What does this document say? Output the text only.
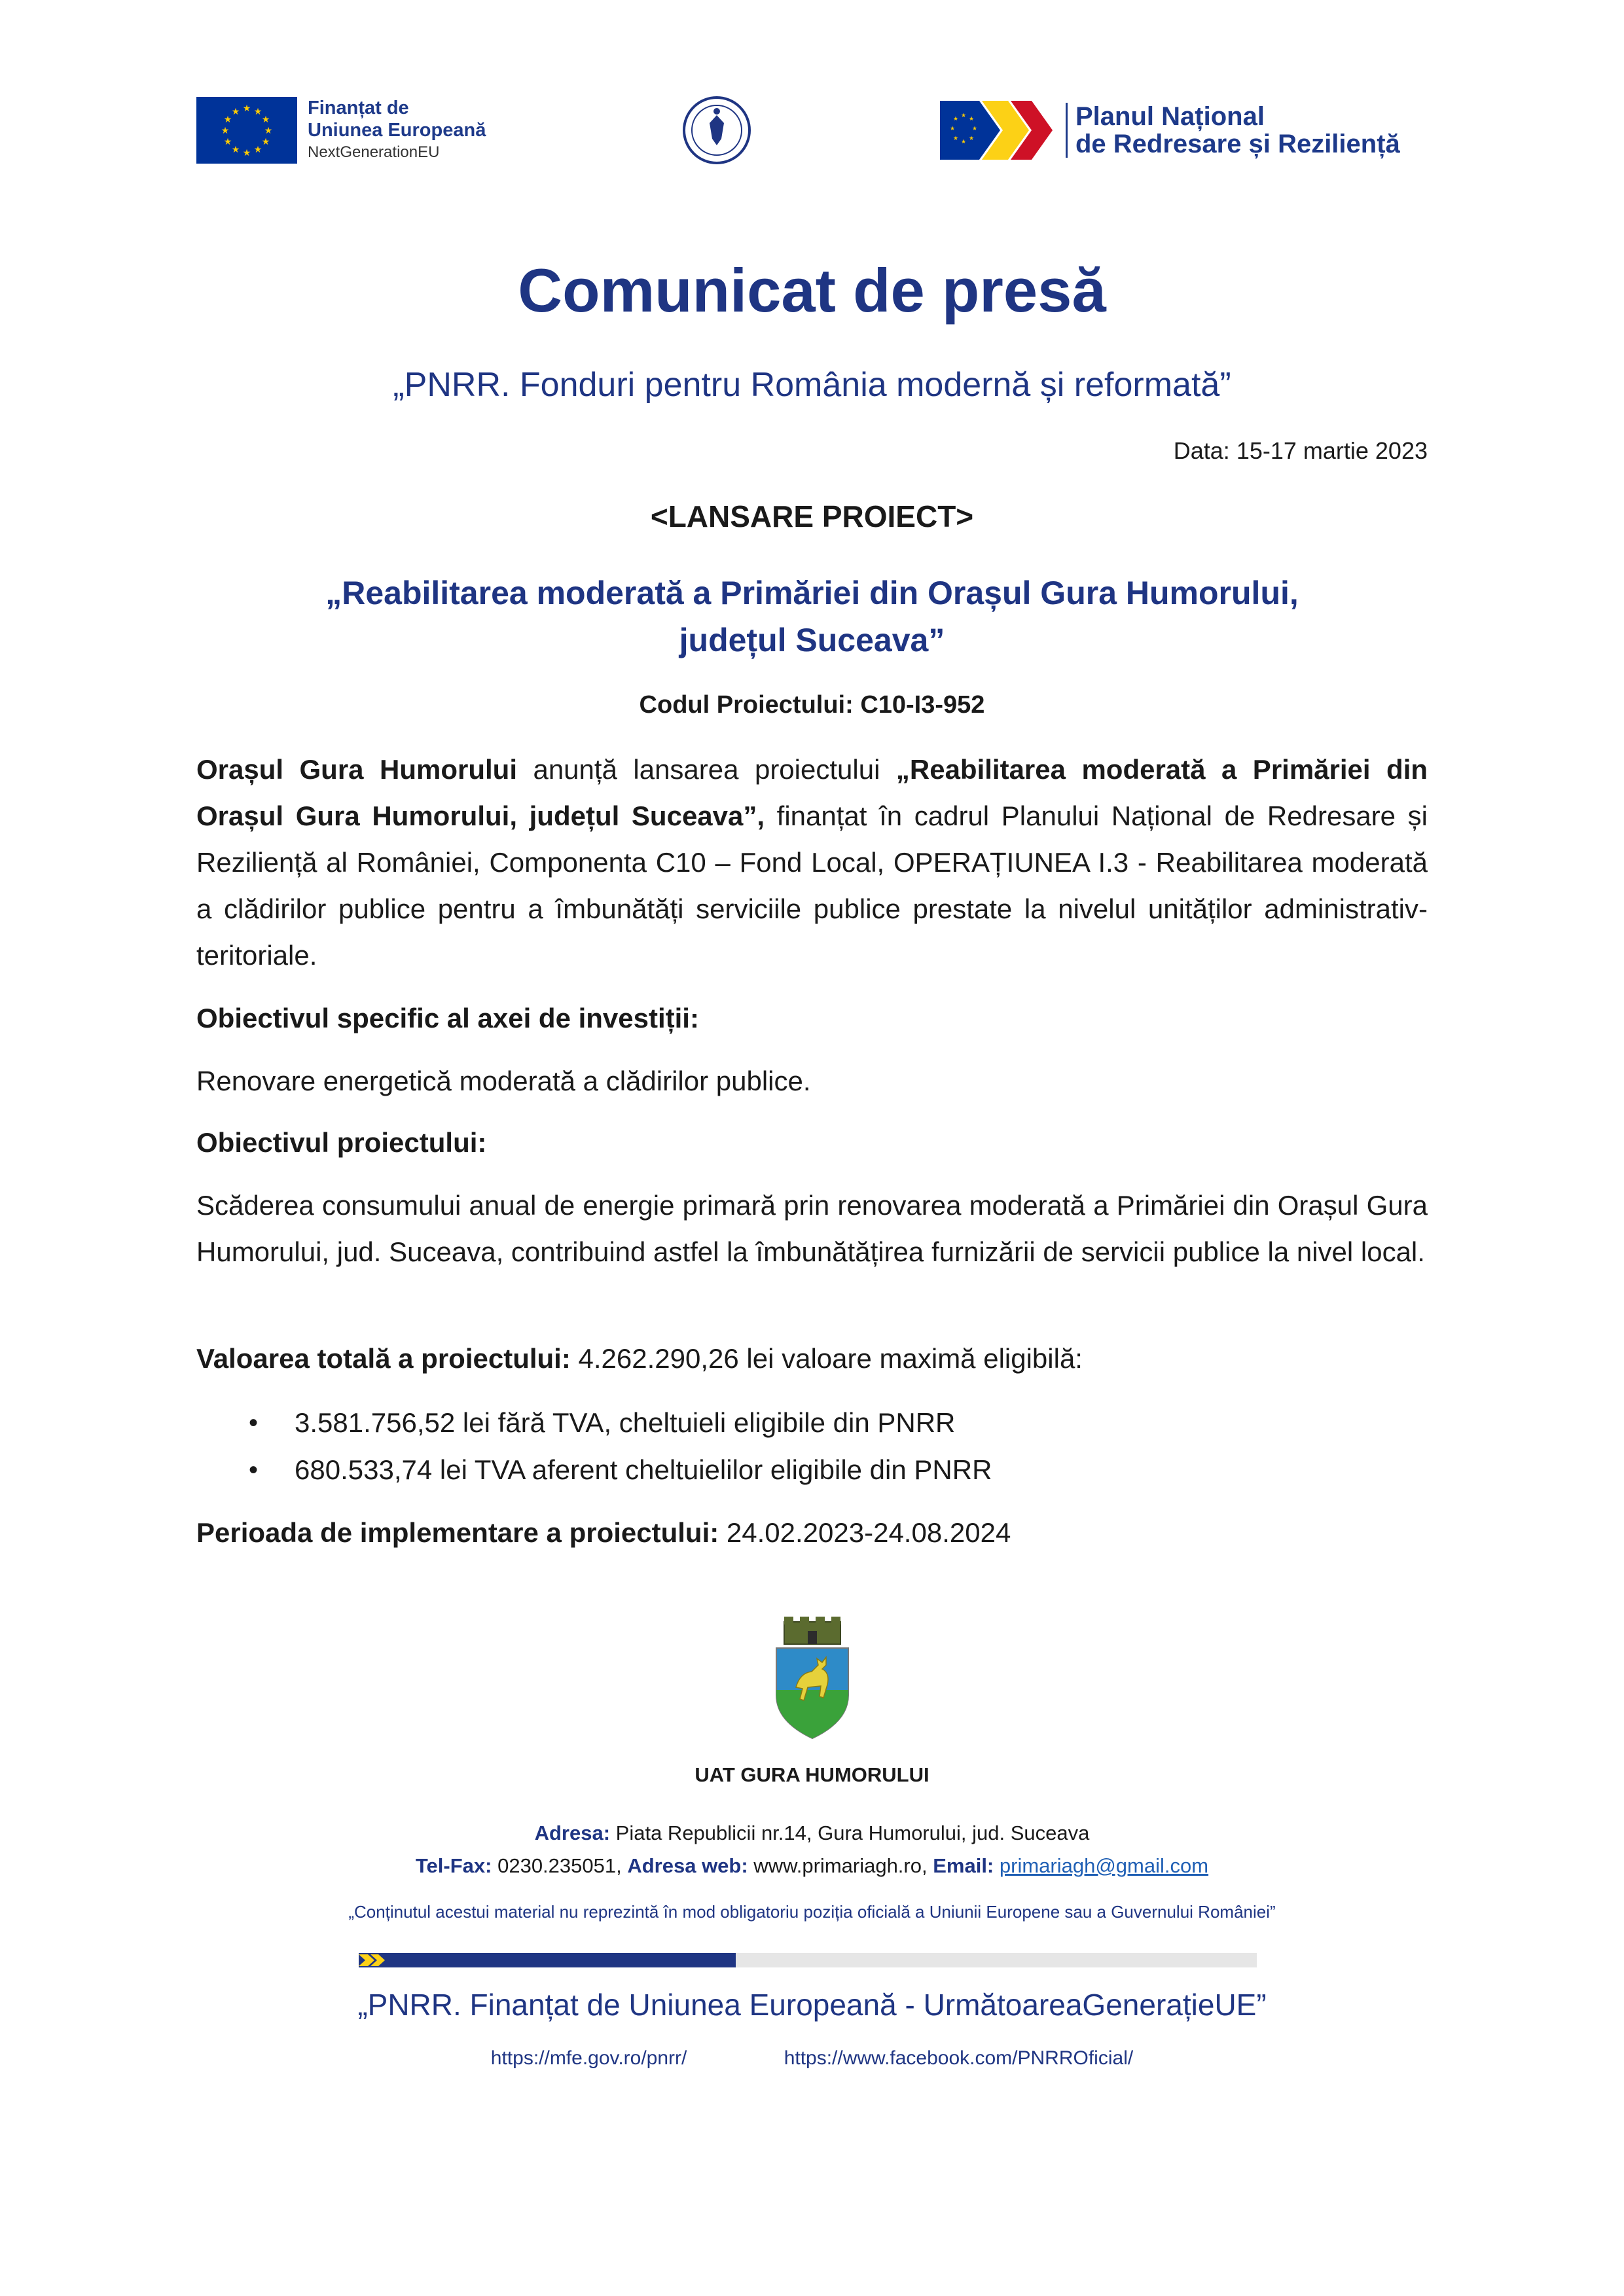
★ ★
★
★
★
★
★
★
★
★
★
★	Finanțat de
Uniunea Europeană
NextGenerationEU
★ ★
★
★
★
★
★
★	Planul Național
de Redresare și Reziliență
Comunicat de presă
„PNRR. Fonduri pentru România modernă și reformată”
Data: 15-17 martie 2023
<LANSARE PROIECT>
„Reabilitarea moderată a Primăriei din Orașul Gura Humorului,
județul Suceava”
Codul Proiectului: C10-I3-952
Orașul Gura Humorului anunță lansarea proiectului „Reabilitarea moderată a Primăriei din Orașul Gura Humorului, județul Suceava”, finanțat în cadrul Planului Național de Redresare și Reziliență al României, Componenta C10 – Fond Local, OPERAȚIUNEA I.3 - Reabilitarea moderată a clădirilor publice pentru a îmbunătăți serviciile publice prestate la nivelul unităților administrativ-teritoriale.
Obiectivul specific al axei de investiții:
Renovare energetică moderată a clădirilor publice.
Obiectivul proiectului:
Scăderea consumului anual de energie primară prin renovarea moderată a Primăriei din Orașul Gura Humorului, jud. Suceava, contribuind astfel la îmbunătățirea furnizării de servicii publice la nivel local.
Valoarea totală a proiectului: 4.262.290,26 lei valoare maximă eligibilă:
• 3.581.756,52 lei fără TVA, cheltuieli eligibile din PNRR
• 680.533,74 lei TVA aferent cheltuielilor eligibile din PNRR
Perioada de implementare a proiectului: 24.02.2023-24.08.2024
UAT GURA HUMORULUI
Adresa: Piata Republicii nr.14, Gura Humorului, jud. Suceava
Tel-Fax: 0230.235051, Adresa web: www.primariagh.ro, Email: primariagh@gmail.com
„Conținutul acestui material nu reprezintă în mod obligatoriu poziția oficială a Uniunii Europene sau a Guvernului României”
„PNRR. Finanțat de Uniunea Europeană - UrmătoareaGenerațieUE”
https://mfe.gov.ro/pnrr/	https://www.facebook.com/PNRROficial/
